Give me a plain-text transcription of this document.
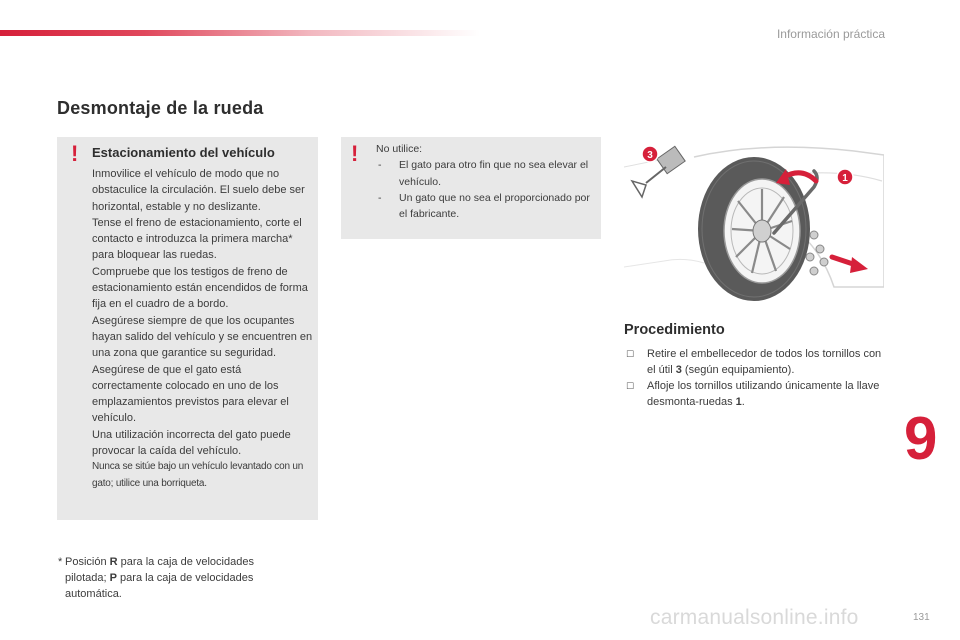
Información práctica
Desmontaje de la rueda
! Estacionamiento del vehículo

Inmovilice el vehículo de modo que no obstaculice la circulación. El suelo debe ser horizontal, estable y no deslizante.

Tense el freno de estacionamiento, corte el contacto e introduzca la primera marcha* para bloquear las ruedas.

Compruebe que los testigos de freno de estacionamiento están encendidos de forma fija en el cuadro de a bordo.

Asegúrese siempre de que los ocupantes hayan salido del vehículo y se encuentren en una zona que garantice su seguridad.

Asegúrese de que el gato está correctamente colocado en uno de los emplazamientos previstos para elevar el vehículo.

Una utilización incorrecta del gato puede provocar la caída del vehículo.

Nunca se sitúe bajo un vehículo levantado con un gato; utilice una borriqueta.

! No utilice:

- El gato para otro fin que no sea elevar el vehículo.
- Un gato que no sea el proporcionado por el fabricante.
* Posición R para la caja de velocidades pilotada; P para la caja de velocidades automática.
3
1
Procedimiento
☐ Retire el embellecedor de todos los tornillos con el útil 3 (según equipamiento).
☐ Afloje los tornillos utilizando únicamente la llave desmonta-ruedas 1.
9
carmanualsonline.info	131
